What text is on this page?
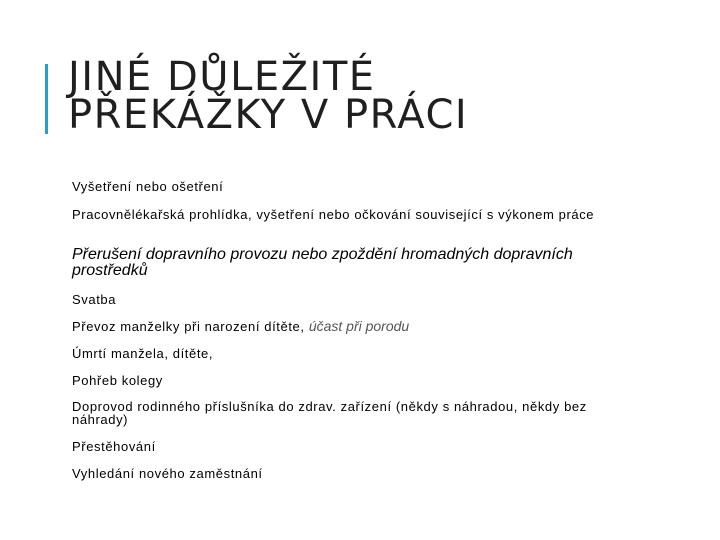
JINÉ DŮLEŽITÉ
PŘEKÁŽKY V PRÁCI
Vyšetření nebo ošetření
Pracovnělékařská prohlídka, vyšetření nebo očkování související s výkonem práce
Přerušení dopravního provozu nebo zpoždění hromadných dopravních prostředků
Svatba
Převoz manželky při narození dítěte, účast při porodu
Úmrtí manžela, dítěte,
Pohřeb kolegy
Doprovod rodinného příslušníka do zdrav. zařízení (někdy s náhradou, někdy bez náhrady)
Přestěhování
Vyhledání nového zaměstnání
